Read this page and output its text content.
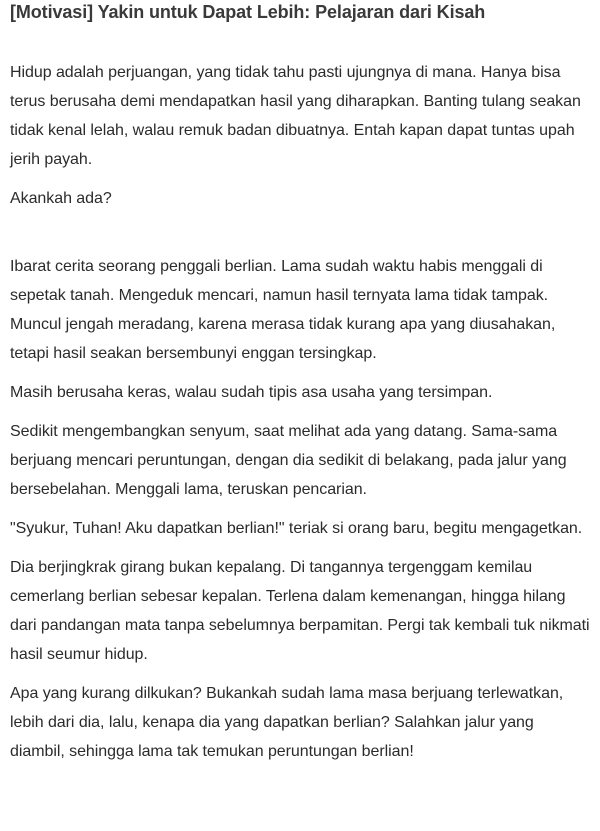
[Motivasi] Yakin untuk Dapat Lebih: Pelajaran dari Kisah

Hidup adalah perjuangan, yang tidak tahu pasti ujungnya di mana. Hanya bisa terus berusaha demi mendapatkan hasil yang diharapkan. Banting tulang seakan tidak kenal lelah, walau remuk badan dibuatnya. Entah kapan dapat tuntas upah jerih payah.

Akankah ada?

Ibarat cerita seorang penggali berlian. Lama sudah waktu habis menggali di sepetak tanah. Mengeduk mencari, namun hasil ternyata lama tidak tampak. Muncul jengah meradang, karena merasa tidak kurang apa yang diusahakan, tetapi hasil seakan bersembunyi enggan tersingkap.

Masih berusaha keras, walau sudah tipis asa usaha yang tersimpan.

Sedikit mengembangkan senyum, saat melihat ada yang datang. Sama-sama berjuang mencari peruntungan, dengan dia sedikit di belakang, pada jalur yang bersebelahan. Menggali lama, teruskan pencarian.

"Syukur, Tuhan! Aku dapatkan berlian!" teriak si orang baru, begitu mengagetkan.

Dia berjingkrak girang bukan kepalang. Di tangannya tergenggam kemilau cemerlang berlian sebesar kepalan. Terlena dalam kemenangan, hingga hilang dari pandangan mata tanpa sebelumnya berpamitan. Pergi tak kembali tuk nikmati hasil seumur hidup.

Apa yang kurang dilkukan? Bukankah sudah lama masa berjuang terlewatkan, lebih dari dia, lalu, kenapa dia yang dapatkan berlian? Salahkan jalur yang diambil, sehingga lama tak temukan peruntungan berlian!
